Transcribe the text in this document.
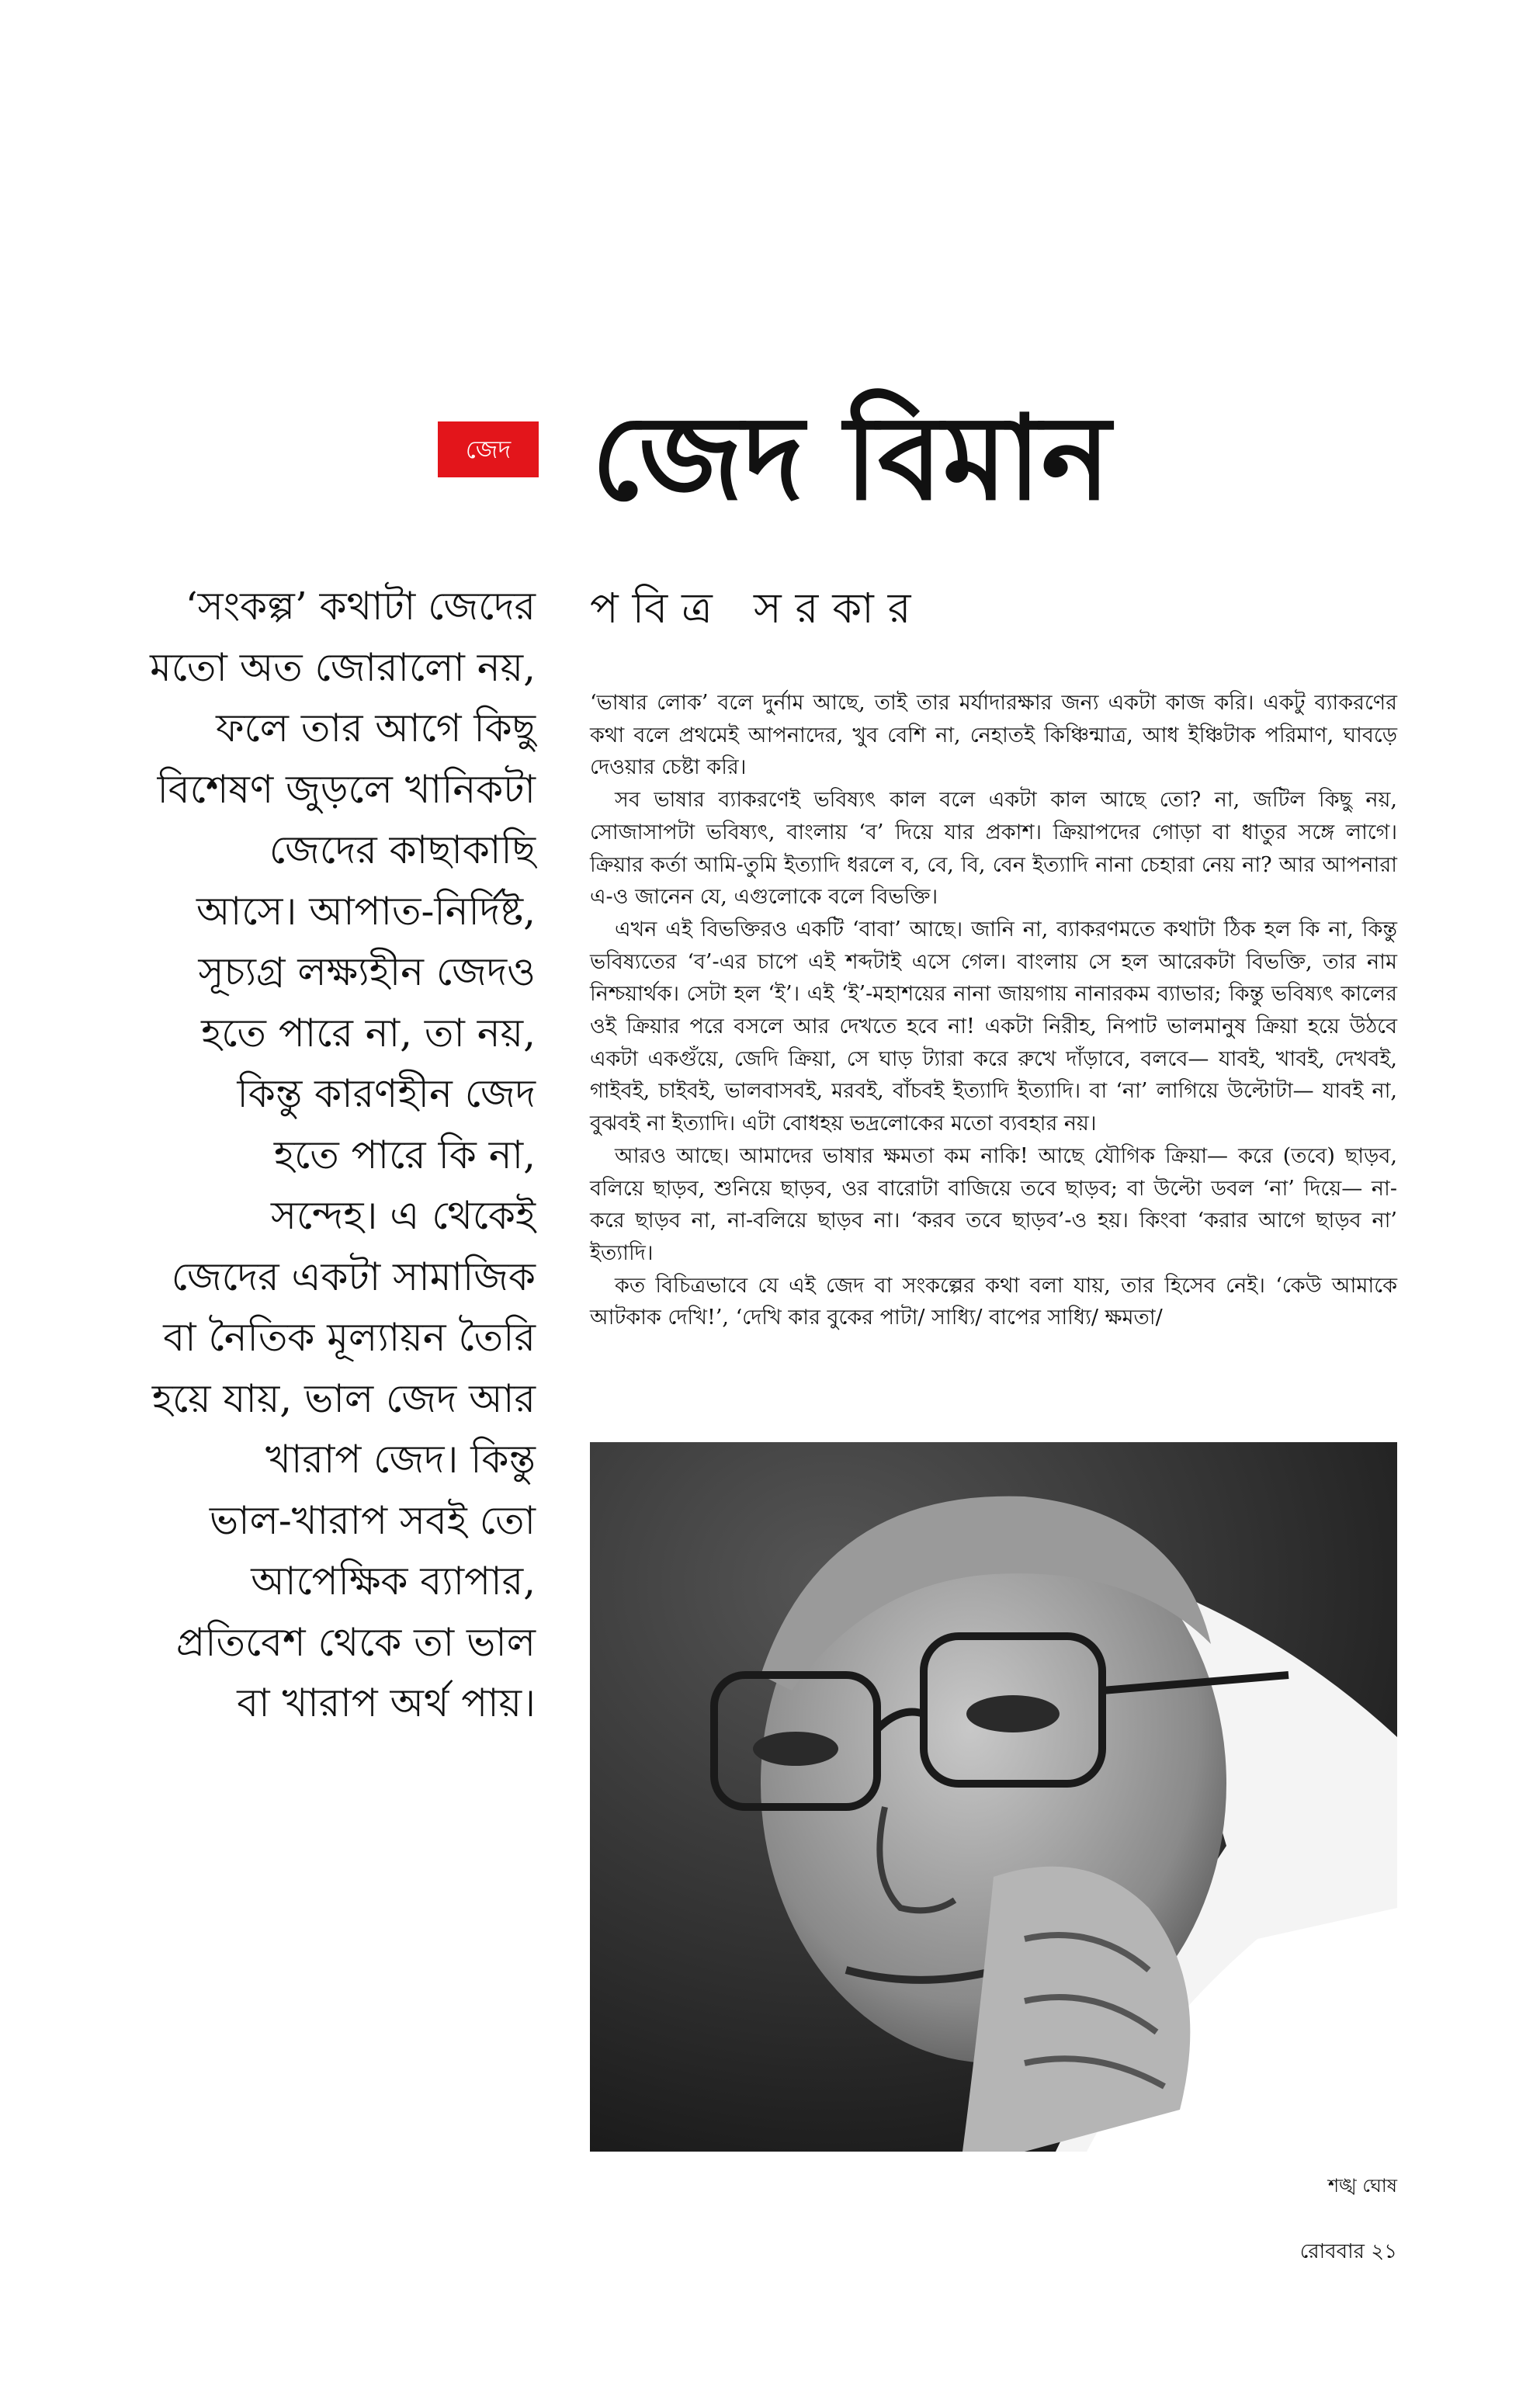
জেদ জেদ বিমান
পবিত্র সরকার
‘সংকল্প’ কথাটা জেদের
মতো অত জোরালো নয়,
ফলে তার আগে কিছু
বিশেষণ জুড়লে খানিকটা
জেদের কাছাকাছি
আসে। আপাত-নির্দিষ্ট,
সূচ্যগ্র লক্ষ্যহীন জেদও
হতে পারে না, তা নয়,
কিন্তু কারণহীন জেদ
হতে পারে কি না,
সন্দেহ। এ থেকেই
জেদের একটা সামাজিক
বা নৈতিক মূল্যায়ন তৈরি
হয়ে যায়, ভাল জেদ আর
খারাপ জেদ। কিন্তু
ভাল-খারাপ সবই তো
আপেক্ষিক ব্যাপার,
প্রতিবেশ থেকে তা ভাল
বা খারাপ অর্থ পায়।

‘ভাষার লোক’ বলে দুর্নাম আছে, তাই তার মর্যাদারক্ষার জন্য একটা কাজ করি। একটু ব্যাকরণের কথা বলে প্রথমেই আপনাদের, খুব বেশি না, নেহাতই কিঞ্চিন্মাত্র, আধ ইঞ্চিটাক পরিমাণ, ঘাবড়ে দেওয়ার চেষ্টা করি।

সব ভাষার ব্যাকরণেই ভবিষ্যৎ কাল বলে একটা কাল আছে তো? না, জটিল কিছু নয়, সোজাসাপটা ভবিষ্যৎ, বাংলায় ‘ব’ দিয়ে যার প্রকাশ। ক্রিয়াপদের গোড়া বা ধাতুর সঙ্গে লাগে। ক্রিয়ার কর্তা আমি-তুমি ইত্যাদি ধরলে ব, বে, বি, বেন ইত্যাদি নানা চেহারা নেয় না? আর আপনারা এ-ও জানেন যে, এগুলোকে বলে বিভক্তি।

এখন এই বিভক্তিরও একটি ‘বাবা’ আছে। জানি না, ব্যাকরণমতে কথাটা ঠিক হল কি না, কিন্তু ভবিষ্যতের ‘ব’-এর চাপে এই শব্দটাই এসে গেল। বাংলায় সে হল আরেকটা বিভক্তি, তার নাম নিশ্চয়ার্থক। সেটা হল ‘ই’। এই ‘ই’-মহাশয়ের নানা জায়গায় নানারকম ব্যাভার; কিন্তু ভবিষ্যৎ কালের ওই ক্রিয়ার পরে বসলে আর দেখতে হবে না! একটা নিরীহ, নিপাট ভালমানুষ ক্রিয়া হয়ে উঠবে একটা একগুঁয়ে, জেদি ক্রিয়া, সে ঘাড় ট্যারা করে রুখে দাঁড়াবে, বলবে— যাবই, খাবই, দেখবই, গাইবই, চাইবই, ভালবাসবই, মরবই, বাঁচবই ইত্যাদি ইত্যাদি। বা ‘না’ লাগিয়ে উল্টোটা— যাবই না, বুঝবই না ইত্যাদি। এটা বোধহয় ভদ্রলোকের মতো ব্যবহার নয়।

আরও আছে। আমাদের ভাষার ক্ষমতা কম নাকি! আছে যৌগিক ক্রিয়া— করে (তবে) ছাড়ব, বলিয়ে ছাড়ব, শুনিয়ে ছাড়ব, ওর বারোটা বাজিয়ে তবে ছাড়ব; বা উল্টো ডবল ‘না’ দিয়ে— না-করে ছাড়ব না, না-বলিয়ে ছাড়ব না। ‘করব তবে ছাড়ব’-ও হয়। কিংবা ‘করার আগে ছাড়ব না’ ইত্যাদি।

কত বিচিত্রভাবে যে এই জেদ বা সংকল্পের কথা বলা যায়, তার হিসেব নেই। ‘কেউ আমাকে আটকাক দেখি!’, ‘দেখি কার বুকের পাটা/ সাধ্যি/ বাপের সাধ্যি/ ক্ষমতা/

শঙ্খ ঘোষ
রোববার ২১
